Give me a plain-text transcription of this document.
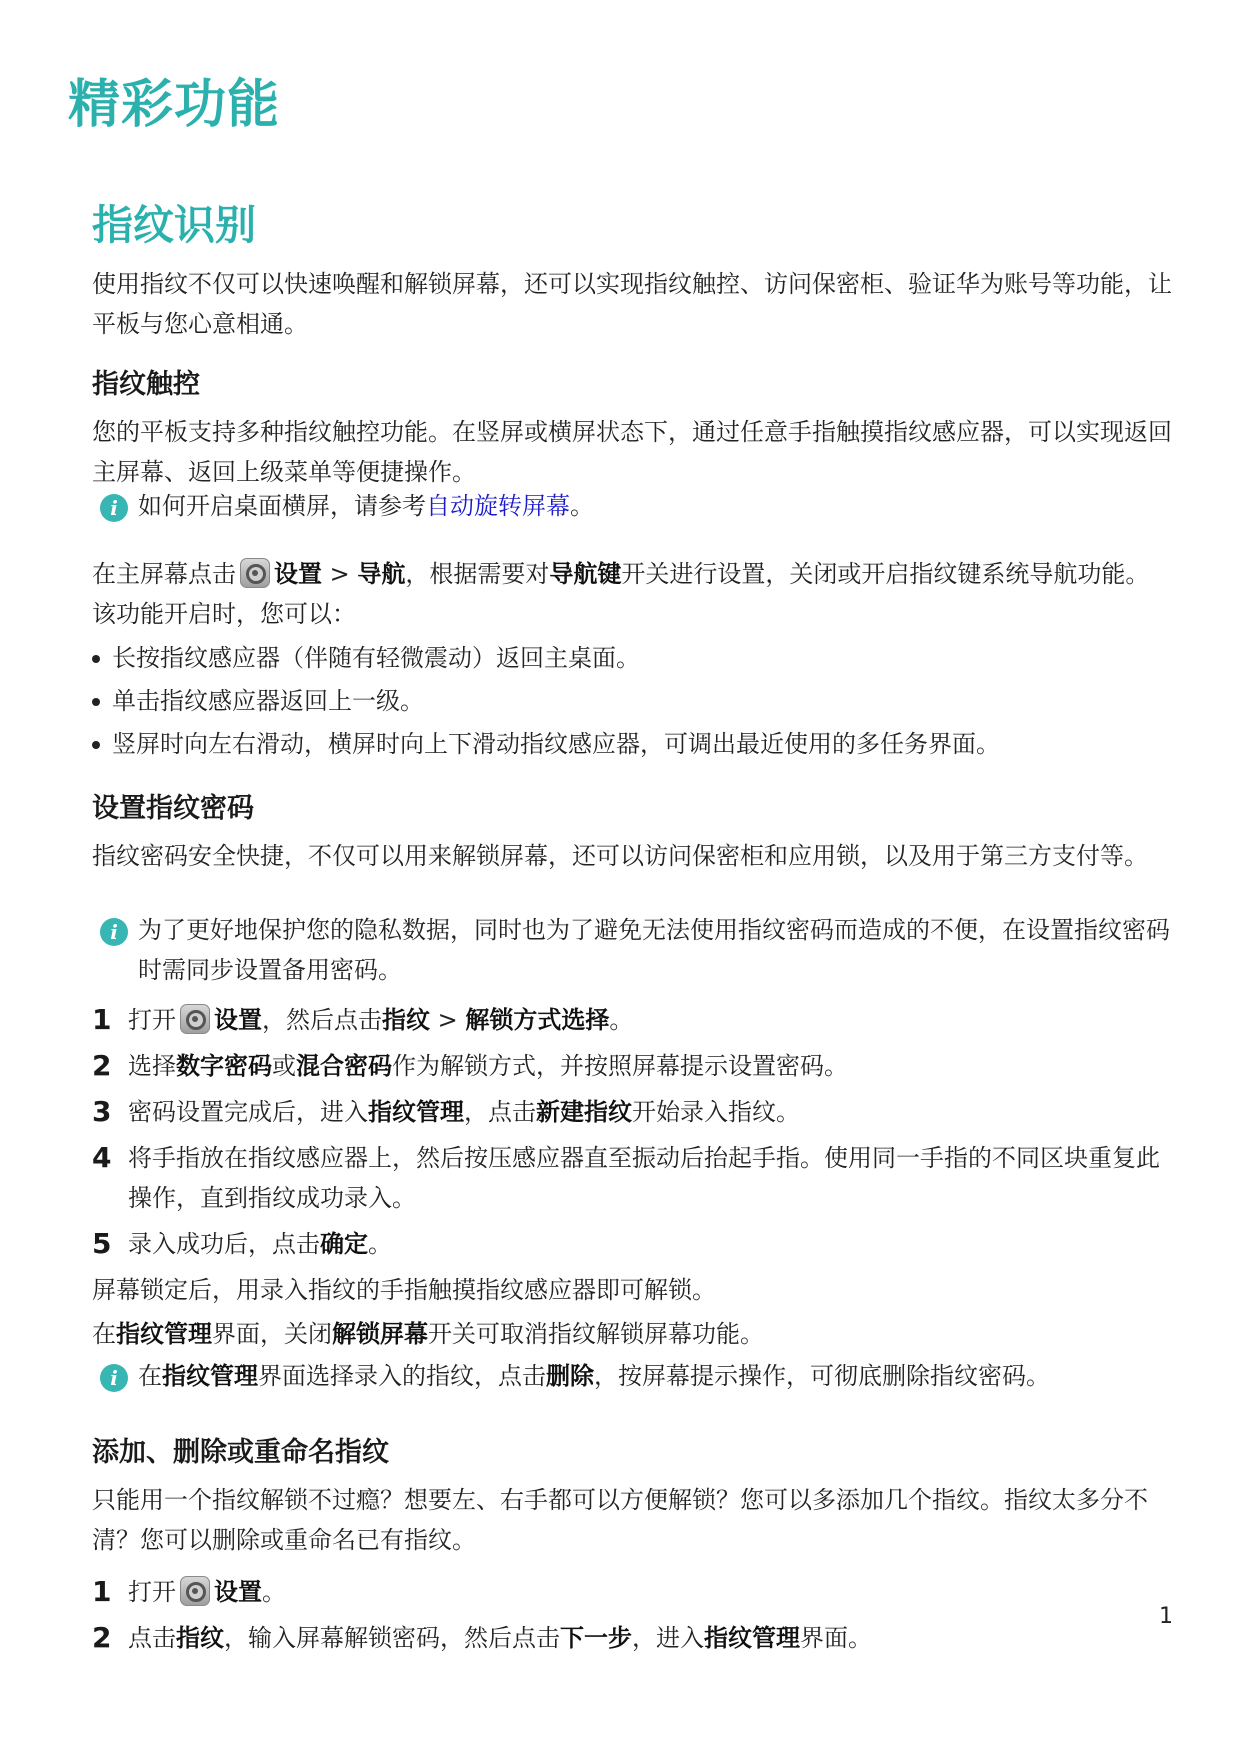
精彩功能
指纹识别

使用指纹不仅可以快速唤醒和解锁屏幕，还可以实现指纹触控、访问保密柜、验证华为账号等功能，让平板与您心意相通。

指纹触控

您的平板支持多种指纹触控功能。在竖屏或横屏状态下，通过任意手指触摸指纹感应器，可以实现返回主屏幕、返回上级菜单等便捷操作。

i 如何开启桌面横屏，请参考自动旋转屏幕。

在主屏幕点击 设置 > 导航，根据需要对导航键开关进行设置，关闭或开启指纹键系统导航功能。该功能开启时，您可以：

长按指纹感应器（伴随有轻微震动）返回主桌面。
单击指纹感应器返回上一级。
竖屏时向左右滑动，横屏时向上下滑动指纹感应器，可调出最近使用的多任务界面。
设置指纹密码

指纹密码安全快捷，不仅可以用来解锁屏幕，还可以访问保密柜和应用锁，以及用于第三方支付等。

i 为了更好地保护您的隐私数据，同时也为了避免无法使用指纹密码而造成的不便，在设置指纹密码时需同步设置备用密码。
1 打开 设置，然后点击指纹 > 解锁方式选择。
2 选择数字密码或混合密码作为解锁方式，并按照屏幕提示设置密码。
3 密码设置完成后，进入指纹管理，点击新建指纹开始录入指纹。
4 将手指放在指纹感应器上，然后按压感应器直至振动后抬起手指。使用同一手指的不同区块重复此操作，直到指纹成功录入。
5 录入成功后，点击确定。

屏幕锁定后，用录入指纹的手指触摸指纹感应器即可解锁。

在指纹管理界面，关闭解锁屏幕开关可取消指纹解锁屏幕功能。

i 在指纹管理界面选择录入的指纹，点击删除，按屏幕提示操作，可彻底删除指纹密码。
添加、删除或重命名指纹

只能用一个指纹解锁不过瘾？想要左、右手都可以方便解锁？您可以多添加几个指纹。指纹太多分不清？您可以删除或重命名已有指纹。

1 打开 设置。
2 点击指纹，输入屏幕解锁密码，然后点击下一步，进入指纹管理界面。
1
